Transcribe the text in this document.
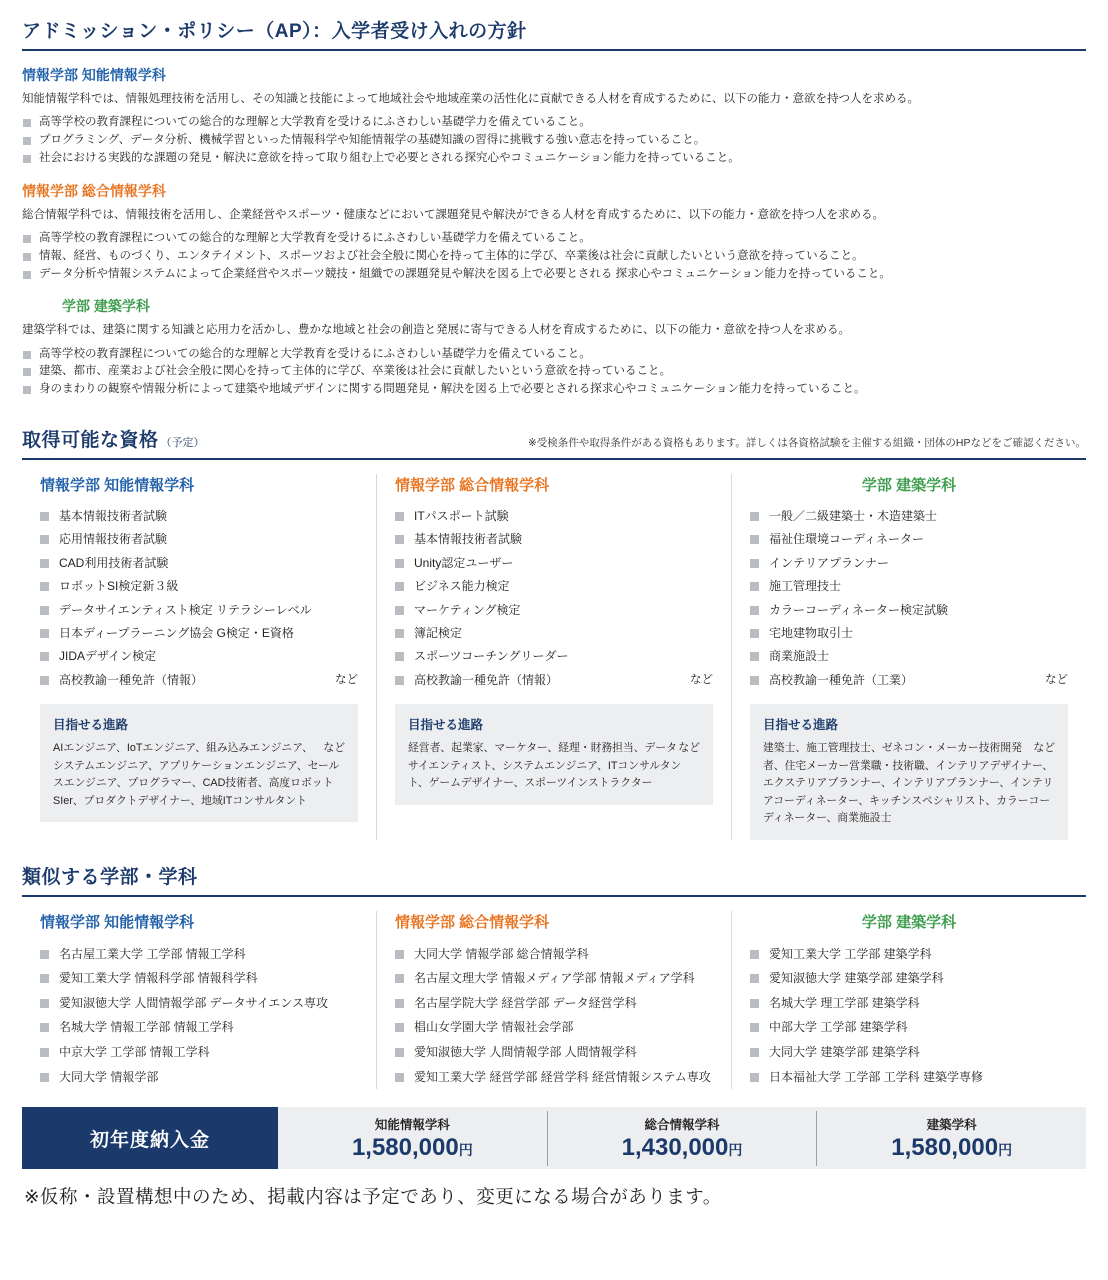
アドミッション・ポリシー（AP）：入学者受け入れの方針
情報学部 知能情報学科

知能情報学科では、情報処理技術を活用し、その知識と技能によって地域社会や地域産業の活性化に貢献できる人材を育成するために、以下の能力・意欲を持つ人を求める。

高等学校の教育課程についての総合的な理解と大学教育を受けるにふさわしい基礎学力を備えていること。
プログラミング、データ分析、機械学習といった情報科学や知能情報学の基礎知識の習得に挑戦する強い意志を持っていること。
社会における実践的な課題の発見・解決に意欲を持って取り組む上で必要とされる探究心やコミュニケーション能力を持っていること。
情報学部 総合情報学科

総合情報学科では、情報技術を活用し、企業経営やスポーツ・健康などにおいて課題発見や解決ができる人材を育成するために、以下の能力・意欲を持つ人を求める。

高等学校の教育課程についての総合的な理解と大学教育を受けるにふさわしい基礎学力を備えていること。
情報、経営、ものづくり、エンタテイメント、スポーツおよび社会全般に関心を持って主体的に学び、卒業後は社会に貢献したいという意欲を持っていること。
データ分析や情報システムによって企業経営やスポーツ競技・組織での課題発見や解決を図る上で必要とされる 探求心やコミュニケーション能力を持っていること。
学部 建築学科

建築学科では、建築に関する知識と応用力を活かし、豊かな地域と社会の創造と発展に寄与できる人材を育成するために、以下の能力・意欲を持つ人を求める。

高等学校の教育課程についての総合的な理解と大学教育を受けるにふさわしい基礎学力を備えていること。
建築、都市、産業および社会全般に関心を持って主体的に学び、卒業後は社会に貢献したいという意欲を持っていること。
身のまわりの観察や情報分析によって建築や地域デザインに関する問題発見・解決を図る上で必要とされる探求心やコミュニケーション能力を持っていること。
取得可能な資格 （予定）	※受検条件や取得条件がある資格もあります。詳しくは各資格試験を主催する組織・団体のHPなどをご確認ください。
情報学部 知能情報学科
基本情報技術者試験
応用情報技術者試験
CAD利用技術者試験
ロボットSI検定新３級
データサイエンティスト検定 リテラシーレベル
日本ディープラーニング協会 G検定・E資格
JIDAデザイン検定
高校教諭一種免許（情報）	など
目指せる進路

など
AIエンジニア、IoTエンジニア、組み込みエンジニア、システムエンジニア、アプリケーションエンジニア、セールスエンジニア、プログラマー、CAD技術者、高度ロボットSIer、プロダクトデザイナー、地域ITコンサルタント

情報学部 総合情報学科
ITパスポート試験
基本情報技術者試験
Unity認定ユーザー
ビジネス能力検定
マーケティング検定
簿記検定
スポーツコーチングリーダー
高校教諭一種免許（情報）	など
目指せる進路

など
経営者、起業家、マーケター、経理・財務担当、データサイエンティスト、システムエンジニア、ITコンサルタント、ゲームデザイナー、スポーツインストラクター

学部 建築学科
一般／二級建築士・木造建築士
福祉住環境コーディネーター
インテリアプランナー
施工管理技士
カラーコーディネーター検定試験
宅地建物取引士
商業施設士
高校教諭一種免許（工業）	など
目指せる進路

など
建築士、施工管理技士、ゼネコン・メーカー技術開発者、住宅メーカー営業職・技術職、インテリアデザイナー、エクステリアプランナー、インテリアプランナー、インテリアコーディネーター、キッチンスペシャリスト、カラーコーディネーター、商業施設士

類似する学部・学科
情報学部 知能情報学科
名古屋工業大学 工学部 情報工学科
愛知工業大学 情報科学部 情報科学科
愛知淑徳大学 人間情報学部 データサイエンス専攻
名城大学 情報工学部 情報工学科
中京大学 工学部 情報工学科
大同大学 情報学部
情報学部 総合情報学科
大同大学 情報学部 総合情報学科
名古屋文理大学 情報メディア学部 情報メディア学科
名古屋学院大学 経営学部 データ経営学科
椙山女学園大学 情報社会学部
愛知淑徳大学 人間情報学部 人間情報学科
愛知工業大学 経営学部 経営学科 経営情報システム専攻
学部 建築学科
愛知工業大学 工学部 建築学科
愛知淑徳大学 建築学部 建築学科
名城大学 理工学部 建築学科
中部大学 工学部 建築学科
大同大学 建築学部 建築学科
日本福祉大学 工学部 工学科 建築学専修
初年度納入金
知能情報学科
1,580,000円
総合情報学科
1,430,000円
建築学科
1,580,000円

※仮称・設置構想中のため、掲載内容は予定であり、変更になる場合があります。
